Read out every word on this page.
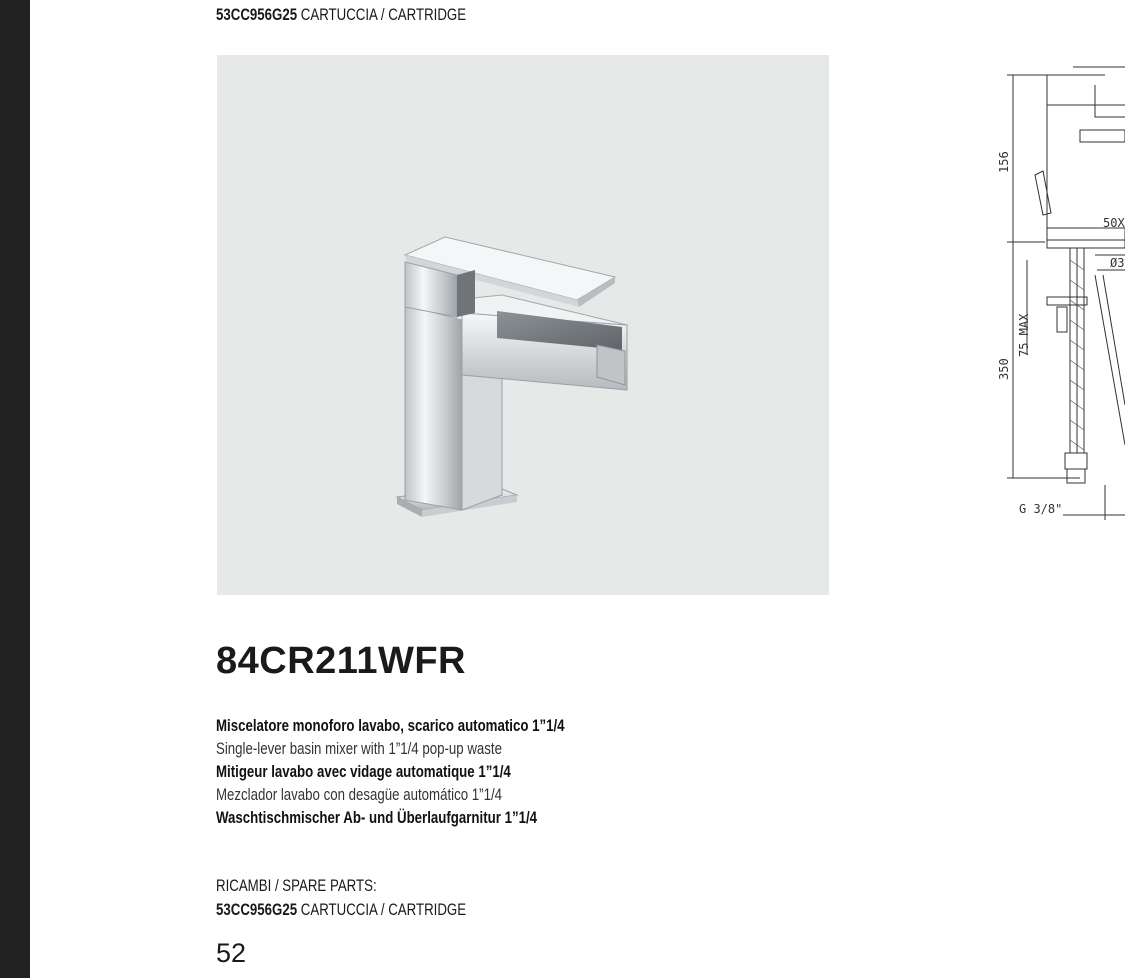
53CC956G25 CARTUCCIA / CARTRIDGE
156
350
75 MAX
50X
Ø3
G 3/8"
84CR211WFR
Miscelatore monoforo lavabo, scarico automatico 1”1/4
Single-lever basin mixer with 1”1/4 pop-up waste
Mitigeur lavabo avec vidage automatique 1”1/4
Mezclador lavabo con desagüe automático 1”1/4
Waschtischmischer Ab- und Überlaufgarnitur 1”1/4
RICAMBI / SPARE PARTS:
53CC956G25 CARTUCCIA / CARTRIDGE
52
